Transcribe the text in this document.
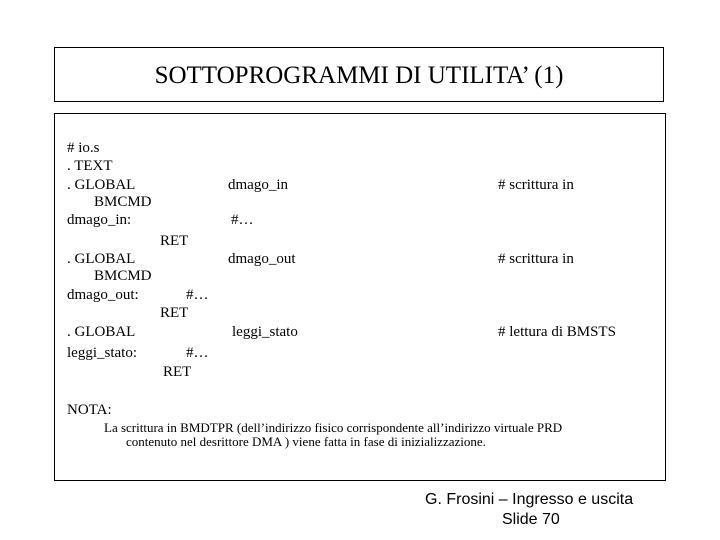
SOTTOPROGRAMMI DI UTILITA’ (1)
# io.s
. TEXT
. GLOBAL
BMCMD
dmago_in:
RET
. GLOBAL
BMCMD
dmago_out:	#…
RET
. GLOBAL
leggi_stato:	#…
RET
dmago_in
#…
dmago_out
leggi_stato
# scrittura in
# scrittura in
# lettura di BMSTS
NOTA:
La scrittura in BMDTPR (dell’indirizzo fisico corrispondente all’indirizzo virtuale PRD
contenuto nel desrittore DMA ) viene fatta in fase di inizializzazione.
G. Frosini – Ingresso e uscita
Slide 70
